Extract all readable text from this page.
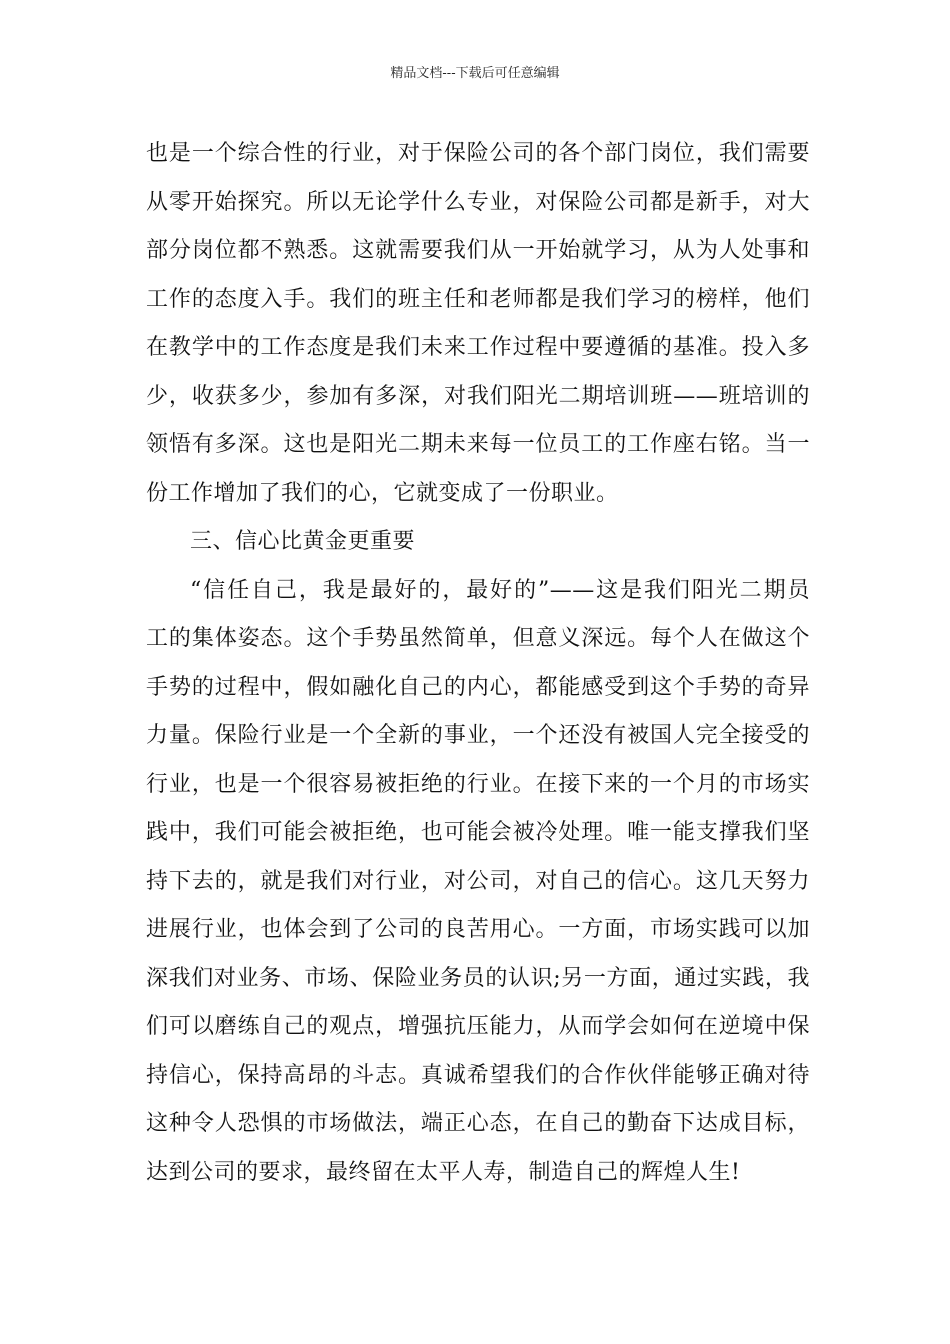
精品文档---下载后可任意编辑
也是一个综合性的行业，对于保险公司的各个部门岗位，我们需要
从零开始探究。所以无论学什么专业，对保险公司都是新手，对大
部分岗位都不熟悉。这就需要我们从一开始就学习，从为人处事和
工作的态度入手。我们的班主任和老师都是我们学习的榜样，他们
在教学中的工作态度是我们未来工作过程中要遵循的基准。投入多
少，收获多少，参加有多深，对我们阳光二期培训班——班培训的
领悟有多深。这也是阳光二期未来每一位员工的工作座右铭。当一
份工作增加了我们的心，它就变成了一份职业。
三、信心比黄金更重要
“信任自己，我是最好的，最好的”——这是我们阳光二期员
工的集体姿态。这个手势虽然简单，但意义深远。每个人在做这个
手势的过程中，假如融化自己的内心，都能感受到这个手势的奇异
力量。保险行业是一个全新的事业，一个还没有被国人完全接受的
行业，也是一个很容易被拒绝的行业。在接下来的一个月的市场实
践中，我们可能会被拒绝，也可能会被冷处理。唯一能支撑我们坚
持下去的，就是我们对行业，对公司，对自己的信心。这几天努力
进展行业，也体会到了公司的良苦用心。一方面，市场实践可以加
深我们对业务、市场、保险业务员的认识;另一方面，通过实践，我
们可以磨练自己的观点，增强抗压能力，从而学会如何在逆境中保
持信心，保持高昂的斗志。真诚希望我们的合作伙伴能够正确对待
这种令人恐惧的市场做法，端正心态，在自己的勤奋下达成目标，
达到公司的要求，最终留在太平人寿，制造自己的辉煌人生!
